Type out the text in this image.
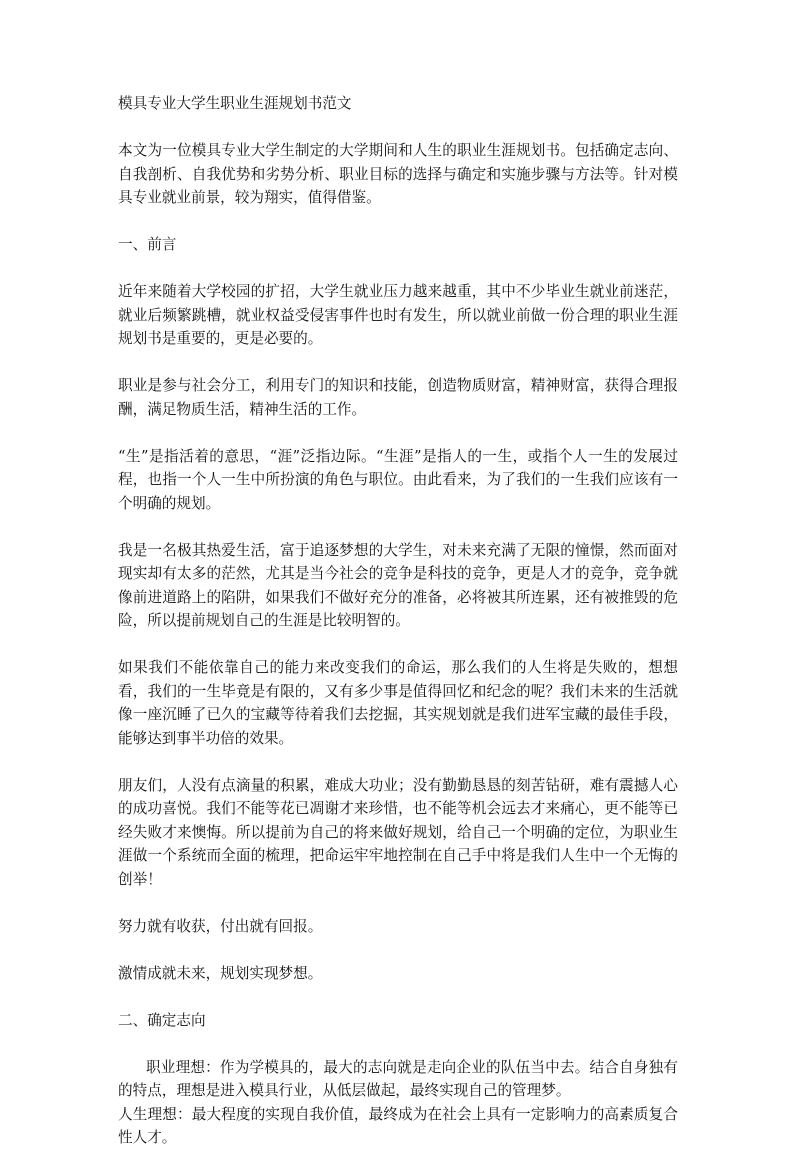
模具专业大学生职业生涯规划书范文

本文为一位模具专业大学生制定的大学期间和人生的职业生涯规划书。包括确定志向、自我剖析、自我优势和劣势分析、职业目标的选择与确定和实施步骤与方法等。针对模具专业就业前景，较为翔实，值得借鉴。

一、前言

近年来随着大学校园的扩招，大学生就业压力越来越重，其中不少毕业生就业前迷茫，就业后频繁跳槽，就业权益受侵害事件也时有发生，所以就业前做一份合理的职业生涯规划书是重要的，更是必要的。

职业是参与社会分工，利用专门的知识和技能，创造物质财富，精神财富，获得合理报酬，满足物质生活，精神生活的工作。

“生”是指活着的意思，“涯”泛指边际。“生涯”是指人的一生，或指个人一生的发展过程，也指一个人一生中所扮演的角色与职位。由此看来，为了我们的一生我们应该有一个明确的规划。

我是一名极其热爱生活，富于追逐梦想的大学生，对未来充满了无限的憧憬，然而面对现实却有太多的茫然，尤其是当今社会的竞争是科技的竞争，更是人才的竞争，竞争就像前进道路上的陷阱，如果我们不做好充分的准备，必将被其所连累，还有被推毁的危险，所以提前规划自己的生涯是比较明智的。

如果我们不能依靠自己的能力来改变我们的命运，那么我们的人生将是失败的，想想看，我们的一生毕竟是有限的，又有多少事是值得回忆和纪念的呢？我们未来的生活就像一座沉睡了已久的宝藏等待着我们去挖掘，其实规划就是我们进军宝藏的最佳手段，能够达到事半功倍的效果。

朋友们，人没有点滴量的积累，难成大功业；没有勤勤恳恳的刻苦钻研，难有震撼人心的成功喜悦。我们不能等花已凋谢才来珍惜，也不能等机会远去才来痛心，更不能等已经失败才来懊悔。所以提前为自己的将来做好规划，给自己一个明确的定位，为职业生涯做一个系统而全面的梳理，把命运牢牢地控制在自己手中将是我们人生中一个无悔的创举！

努力就有收获，付出就有回报。

激情成就未来，规划实现梦想。

二、确定志向

职业理想：作为学模具的，最大的志向就是走向企业的队伍当中去。结合自身独有的特点，理想是进入模具行业，从低层做起，最终实现自己的管理梦。

人生理想：最大程度的实现自我价值，最终成为在社会上具有一定影响力的高素质复合性人才。
